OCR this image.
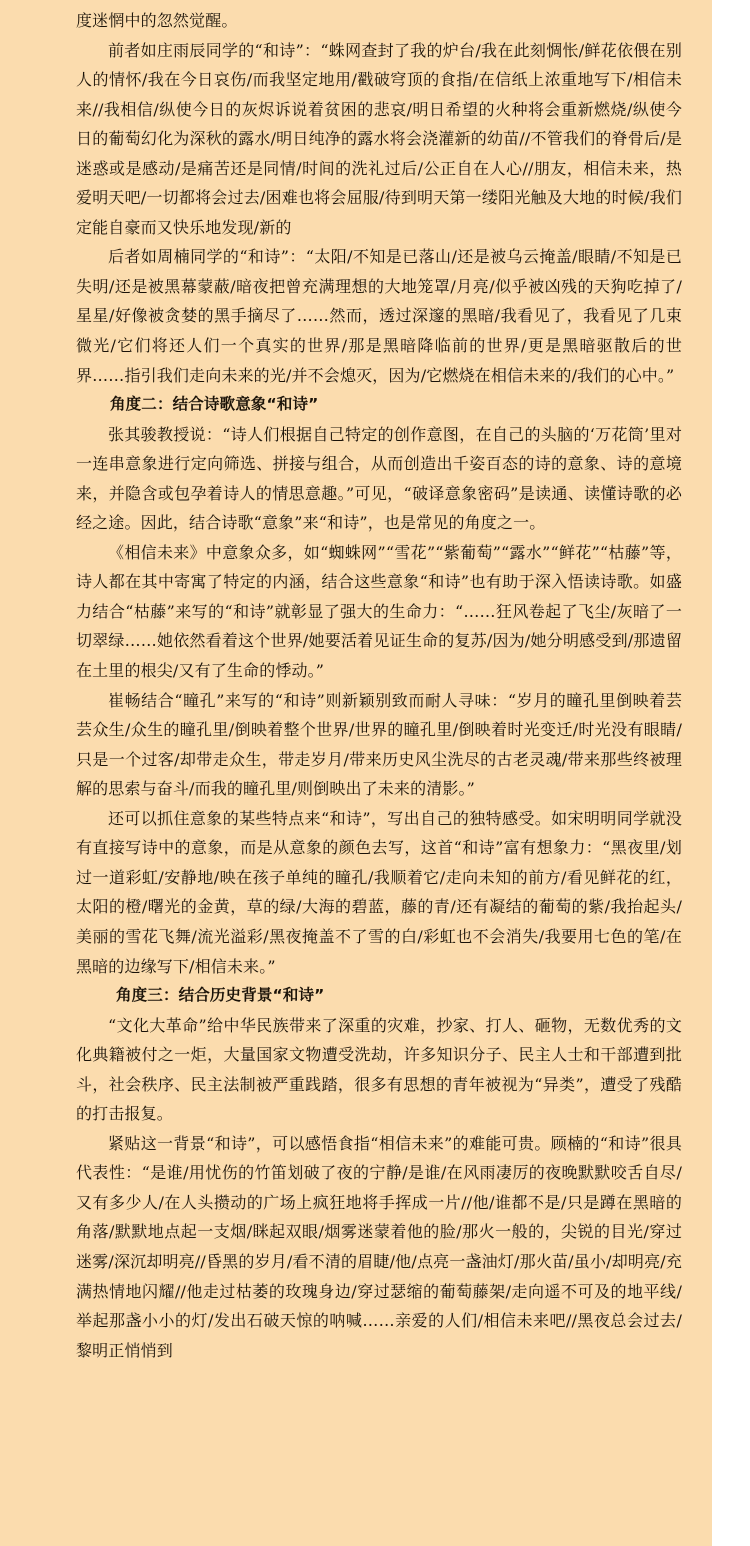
度迷惘中的忽然觉醒。

前者如庄雨辰同学的“和诗”：“蛛网查封了我的炉台/我在此刻惆怅/鲜花依偎在别人的情怀/我在今日哀伤/而我坚定地用/戳破穹顶的食指/在信纸上浓重地写下/相信未来//我相信/纵使今日的灰烬诉说着贫困的悲哀/明日希望的火种将会重新燃烧/纵使今日的葡萄幻化为深秋的露水/明日纯净的露水将会浇灌新的幼苗//不管我们的脊骨后/是迷惑或是感动/是痛苦还是同情/时间的洗礼过后/公正自在人心//朋友，相信未来，热爱明天吧/一切都将会过去/困难也将会屈服/待到明天第一缕阳光触及大地的时候/我们定能自豪而又快乐地发现/新的

后者如周楠同学的“和诗”：“太阳/不知是已落山/还是被乌云掩盖/眼睛/不知是已失明/还是被黑幕蒙蔽/暗夜把曾充满理想的大地笼罩/月亮/似乎被凶残的天狗吃掉了/星星/好像被贪婪的黑手摘尽了……然而，透过深邃的黑暗/我看见了，我看见了几束微光/它们将还人们一个真实的世界/那是黑暗降临前的世界/更是黑暗驱散后的世界……指引我们走向未来的光/并不会熄灭，因为/它燃烧在相信未来的/我们的心中。”

角度二：结合诗歌意象“和诗”

张其骏教授说：“诗人们根据自己特定的创作意图，在自己的头脑的‘万花筒’里对一连串意象进行定向筛选、拼接与组合，从而创造出千姿百态的诗的意象、诗的意境来，并隐含或包孕着诗人的情思意趣。”可见，“破译意象密码”是读通、读懂诗歌的必经之途。因此，结合诗歌“意象”来“和诗”，也是常见的角度之一。

《相信未来》中意象众多，如“蜘蛛网”“雪花”“紫葡萄”“露水”“鲜花”“枯藤”等，诗人都在其中寄寓了特定的内涵，结合这些意象“和诗”也有助于深入悟读诗歌。如盛力结合“枯藤”来写的“和诗”就彰显了强大的生命力：“……狂风卷起了飞尘/灰暗了一切翠绿……她依然看着这个世界/她要活着见证生命的复苏/因为/她分明感受到/那遗留在土里的根尖/又有了生命的悸动。”

崔畅结合“瞳孔”来写的“和诗”则新颖别致而耐人寻味：“岁月的瞳孔里倒映着芸芸众生/众生的瞳孔里/倒映着整个世界/世界的瞳孔里/倒映着时光变迁/时光没有眼睛/只是一个过客/却带走众生，带走岁月/带来历史风尘洗尽的古老灵魂/带来那些终被理解的思索与奋斗/而我的瞳孔里/则倒映出了未来的清影。”

还可以抓住意象的某些特点来“和诗”，写出自己的独特感受。如宋明明同学就没有直接写诗中的意象，而是从意象的颜色去写，这首“和诗”富有想象力：“黑夜里/划过一道彩虹/安静地/映在孩子单纯的瞳孔/我顺着它/走向未知的前方/看见鲜花的红，太阳的橙/曙光的金黄，草的绿/大海的碧蓝，藤的青/还有凝结的葡萄的紫/我抬起头/美丽的雪花飞舞/流光溢彩/黑夜掩盖不了雪的白/彩虹也不会消失/我要用七色的笔/在黑暗的边缘写下/相信未来。”

角度三：结合历史背景“和诗”

“文化大革命”给中华民族带来了深重的灾难，抄家、打人、砸物，无数优秀的文化典籍被付之一炬，大量国家文物遭受洗劫，许多知识分子、民主人士和干部遭到批斗，社会秩序、民主法制被严重践踏，很多有思想的青年被视为“异类”，遭受了残酷的打击报复。

紧贴这一背景“和诗”，可以感悟食指“相信未来”的难能可贵。顾楠的“和诗”很具代表性：“是谁/用忧伤的竹笛划破了夜的宁静/是谁/在风雨凄厉的夜晚默默咬舌自尽/又有多少人/在人头攒动的广场上疯狂地将手挥成一片//他/谁都不是/只是蹲在黑暗的角落/默默地点起一支烟/眯起双眼/烟雾迷蒙着他的脸/那火一般的，尖锐的目光/穿过迷雾/深沉却明亮//昏黑的岁月/看不清的眉睫/他/点亮一盏油灯/那火苗/虽小/却明亮/充满热情地闪耀//他走过枯萎的玫瑰身边/穿过瑟缩的葡萄藤架/走向遥不可及的地平线/举起那盏小小的灯/发出石破天惊的呐喊……亲爱的人们/相信未来吧//黑夜总会过去/黎明正悄悄到
